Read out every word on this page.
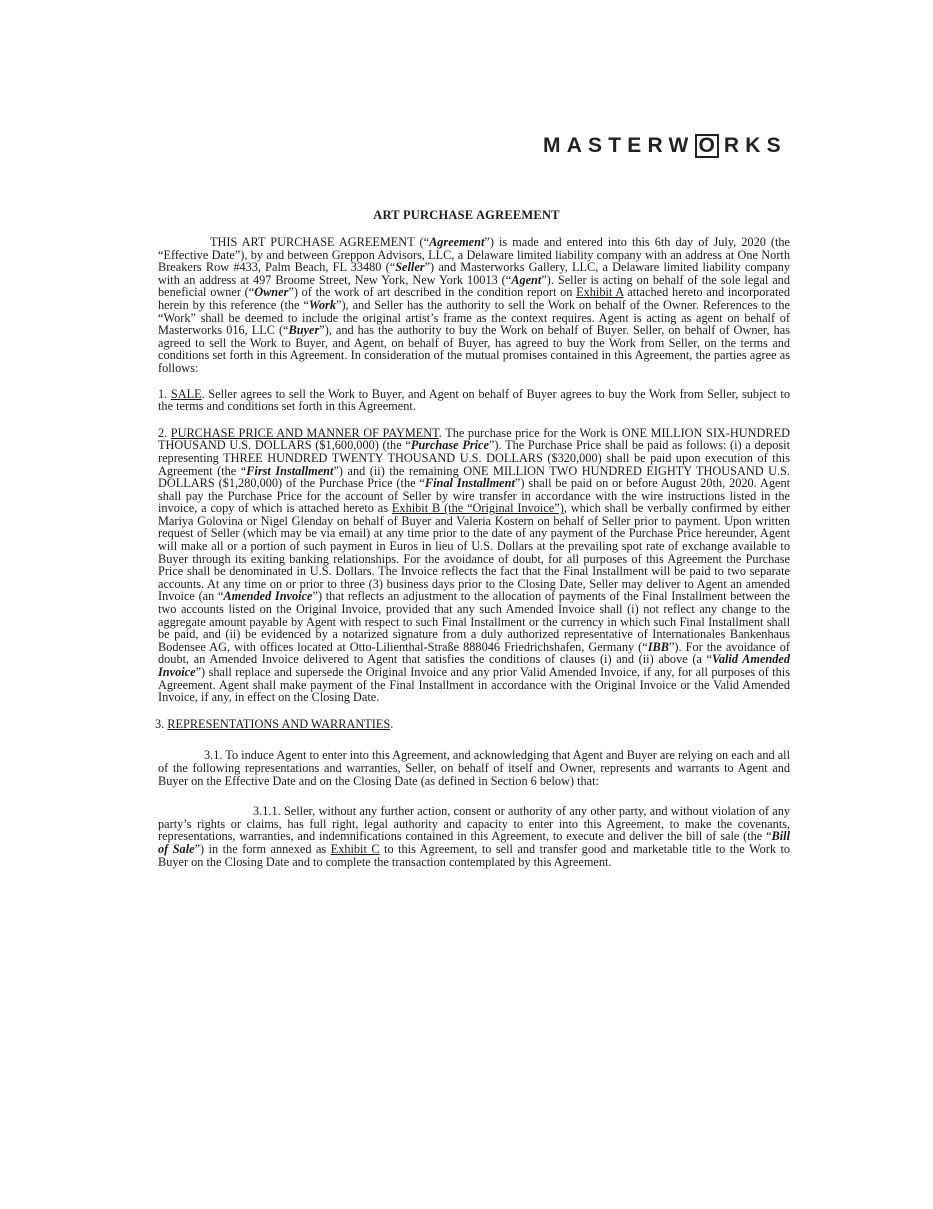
MASTERW O RKS
ART PURCHASE AGREEMENT

THIS ART PURCHASE AGREEMENT (“Agreement”) is made and entered into this 6th day of July, 2020 (the “Effective Date”), by and between Greppon Advisors, LLC, a Delaware limited liability company with an address at One North Breakers Row #433, Palm Beach, FL 33480 (“Seller”) and Masterworks Gallery, LLC, a Delaware limited liability company with an address at 497 Broome Street, New York, New York 10013 (“Agent”). Seller is acting on behalf of the sole legal and beneficial owner (“Owner”) of the work of art described in the condition report on Exhibit A attached hereto and incorporated herein by this reference (the “Work”), and Seller has the authority to sell the Work on behalf of the Owner. References to the “Work” shall be deemed to include the original artist’s frame as the context requires. Agent is acting as agent on behalf of Masterworks 016, LLC (“Buyer”), and has the authority to buy the Work on behalf of Buyer. Seller, on behalf of Owner, has agreed to sell the Work to Buyer, and Agent, on behalf of Buyer, has agreed to buy the Work from Seller, on the terms and conditions set forth in this Agreement. In consideration of the mutual promises contained in this Agreement, the parties agree as follows:

1. SALE. Seller agrees to sell the Work to Buyer, and Agent on behalf of Buyer agrees to buy the Work from Seller, subject to the terms and conditions set forth in this Agreement.

2. PURCHASE PRICE AND MANNER OF PAYMENT. The purchase price for the Work is ONE MILLION SIX-HUNDRED THOUSAND U.S. DOLLARS ($1,600,000) (the “Purchase Price”). The Purchase Price shall be paid as follows: (i) a deposit representing THREE HUNDRED TWENTY THOUSAND U.S. DOLLARS ($320,000) shall be paid upon execution of this Agreement (the “First Installment”) and (ii) the remaining ONE MILLION TWO HUNDRED EIGHTY THOUSAND U.S. DOLLARS ($1,280,000) of the Purchase Price (the “Final Installment”) shall be paid on or before August 20th, 2020. Agent shall pay the Purchase Price for the account of Seller by wire transfer in accordance with the wire instructions listed in the invoice, a copy of which is attached hereto as Exhibit B (the “Original Invoice”), which shall be verbally confirmed by either Mariya Golovina or Nigel Glenday on behalf of Buyer and Valeria Kostern on behalf of Seller prior to payment. Upon written request of Seller (which may be via email) at any time prior to the date of any payment of the Purchase Price hereunder, Agent will make all or a portion of such payment in Euros in lieu of U.S. Dollars at the prevailing spot rate of exchange available to Buyer through its exiting banking relationships. For the avoidance of doubt, for all purposes of this Agreement the Purchase Price shall be denominated in U.S. Dollars. The Invoice reflects the fact that the Final Installment will be paid to two separate accounts. At any time on or prior to three (3) business days prior to the Closing Date, Seller may deliver to Agent an amended Invoice (an “Amended Invoice”) that reflects an adjustment to the allocation of payments of the Final Installment between the two accounts listed on the Original Invoice, provided that any such Amended Invoice shall (i) not reflect any change to the aggregate amount payable by Agent with respect to such Final Installment or the currency in which such Final Installment shall be paid, and (ii) be evidenced by a notarized signature from a duly authorized representative of Internationales Bankenhaus Bodensee AG, with offices located at Otto-Lilienthal-Straße 888046 Friedrichshafen, Germany (“IBB”). For the avoidance of doubt, an Amended Invoice delivered to Agent that satisfies the conditions of clauses (i) and (ii) above (a “Valid Amended Invoice”) shall replace and supersede the Original Invoice and any prior Valid Amended Invoice, if any, for all purposes of this Agreement. Agent shall make payment of the Final Installment in accordance with the Original Invoice or the Valid Amended Invoice, if any, in effect on the Closing Date.

3. REPRESENTATIONS AND WARRANTIES.

3.1. To induce Agent to enter into this Agreement, and acknowledging that Agent and Buyer are relying on each and all of the following representations and warranties, Seller, on behalf of itself and Owner, represents and warrants to Agent and Buyer on the Effective Date and on the Closing Date (as defined in Section 6 below) that:

3.1.1. Seller, without any further action, consent or authority of any other party, and without violation of any party’s rights or claims, has full right, legal authority and capacity to enter into this Agreement, to make the covenants, representations, warranties, and indemnifications contained in this Agreement, to execute and deliver the bill of sale (the “Bill of Sale”) in the form annexed as Exhibit C to this Agreement, to sell and transfer good and marketable title to the Work to Buyer on the Closing Date and to complete the transaction contemplated by this Agreement.
